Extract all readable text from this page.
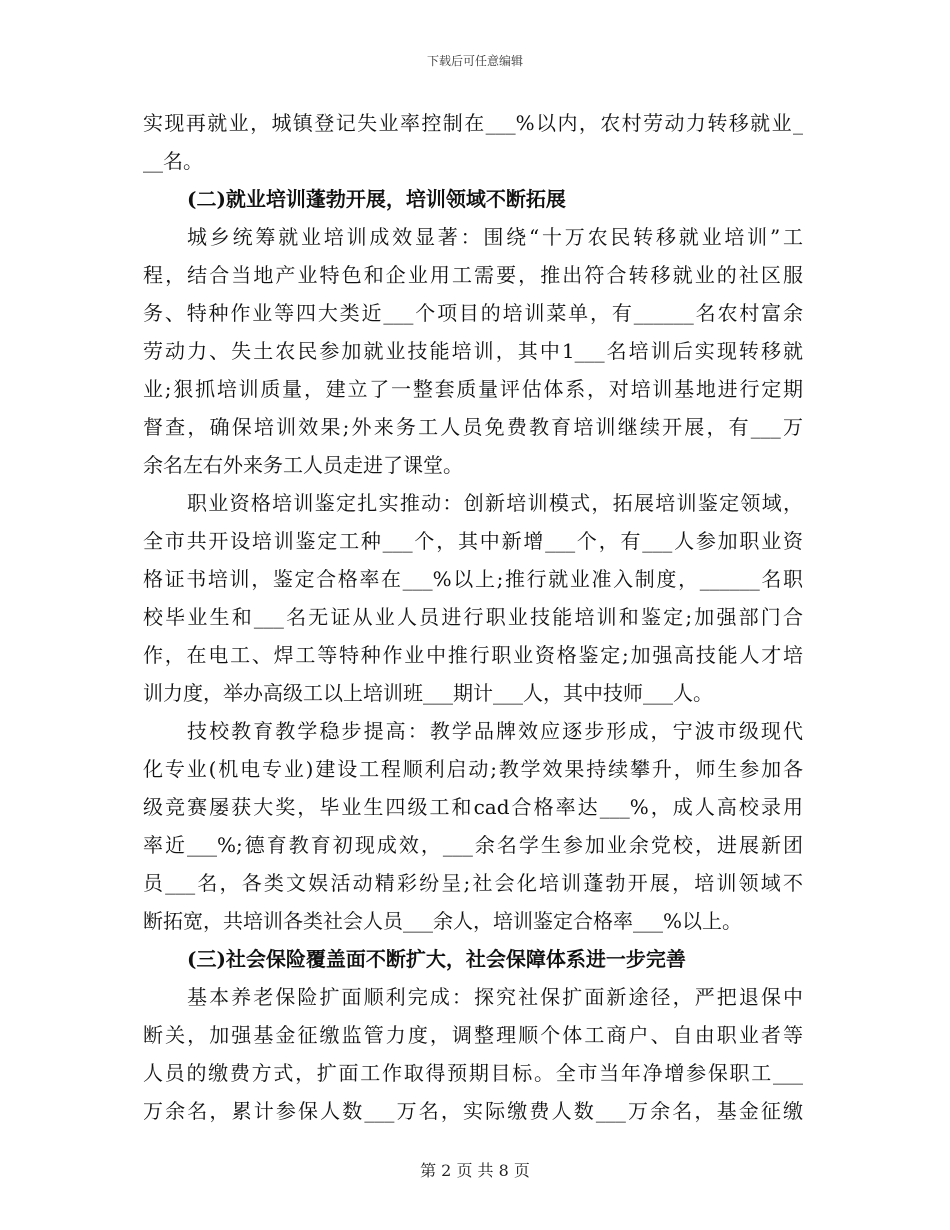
下载后可任意编辑
实现再就业，城镇登记失业率控制在___%以内，农村劳动力转移就业_
__名。
(二)就业培训蓬勃开展，培训领域不断拓展
城乡统筹就业培训成效显著：围绕“十万农民转移就业培训”工
程，结合当地产业特色和企业用工需要，推出符合转移就业的社区服
务、特种作业等四大类近___个项目的培训菜单，有______名农村富余
劳动力、失土农民参加就业技能培训，其中1___名培训后实现转移就
业;狠抓培训质量，建立了一整套质量评估体系，对培训基地进行定期
督查，确保培训效果;外来务工人员免费教育培训继续开展，有___万
余名左右外来务工人员走进了课堂。
职业资格培训鉴定扎实推动：创新培训模式，拓展培训鉴定领域，
全市共开设培训鉴定工种___个，其中新增___个，有___人参加职业资
格证书培训，鉴定合格率在___%以上;推行就业准入制度，______名职
校毕业生和___名无证从业人员进行职业技能培训和鉴定;加强部门合
作，在电工、焊工等特种作业中推行职业资格鉴定;加强高技能人才培
训力度，举办高级工以上培训班___期计___人，其中技师___人。
技校教育教学稳步提高：教学品牌效应逐步形成，宁波市级现代
化专业(机电专业)建设工程顺利启动;教学效果持续攀升，师生参加各
级竞赛屡获大奖，毕业生四级工和cad合格率达___%，成人高校录用
率近___%;德育教育初现成效，___余名学生参加业余党校，进展新团
员___名，各类文娱活动精彩纷呈;社会化培训蓬勃开展，培训领域不
断拓宽，共培训各类社会人员___余人，培训鉴定合格率___%以上。
(三)社会保险覆盖面不断扩大，社会保障体系进一步完善
基本养老保险扩面顺利完成：探究社保扩面新途径，严把退保中
断关，加强基金征缴监管力度，调整理顺个体工商户、自由职业者等
人员的缴费方式，扩面工作取得预期目标。全市当年净增参保职工___
万余名，累计参保人数___万名，实际缴费人数___万余名，基金征缴
第 2 页 共 8 页
